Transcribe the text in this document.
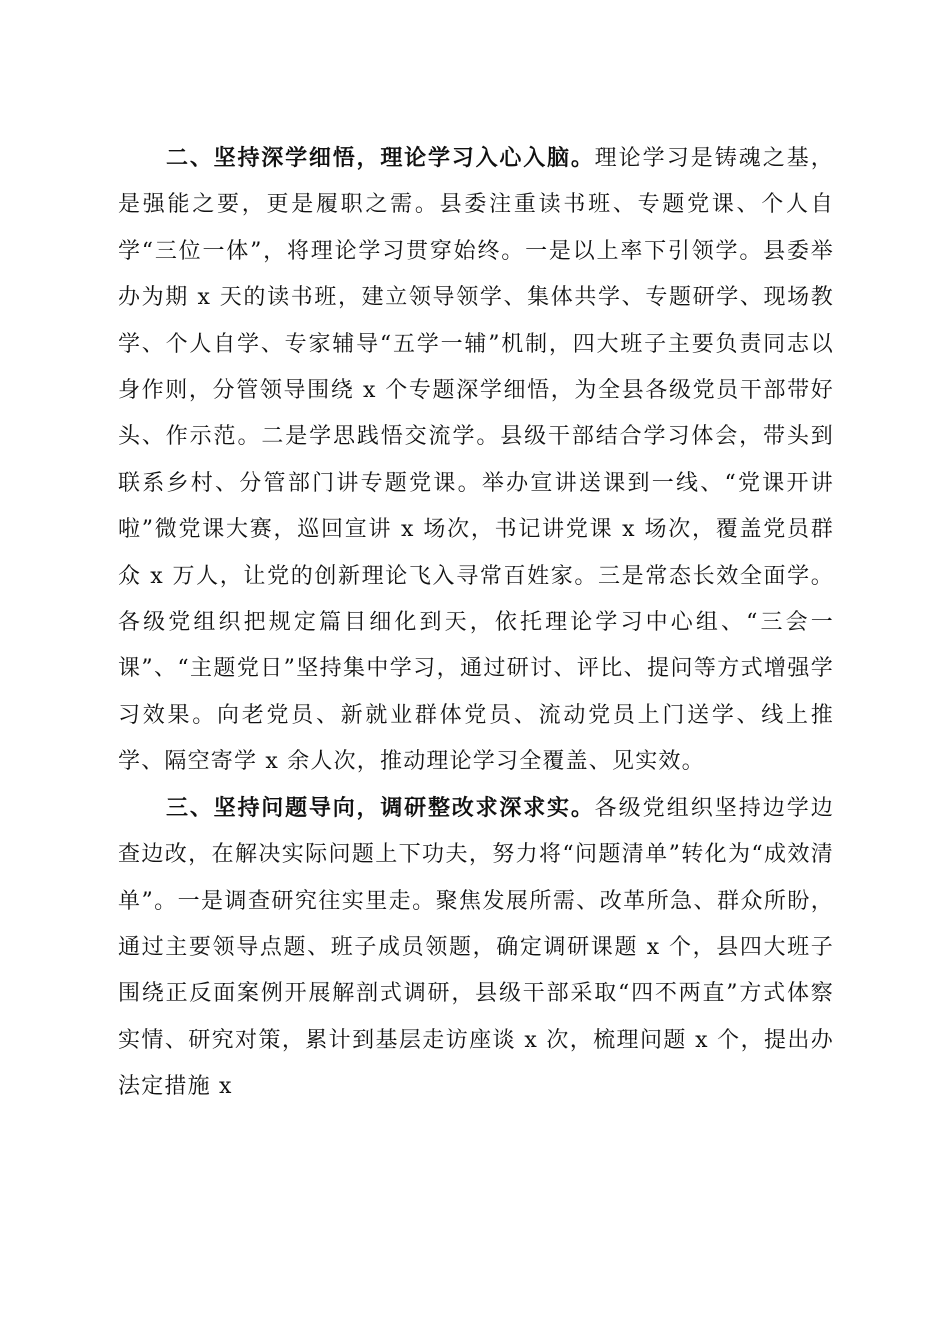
二、坚持深学细悟，理论学习入心入脑。理论学习是铸魂之基，是强能之要，更是履职之需。县委注重读书班、专题党课、个人自学“三位一体”，将理论学习贯穿始终。一是以上率下引领学。县委举办为期 x 天的读书班，建立领导领学、集体共学、专题研学、现场教学、个人自学、专家辅导“五学一辅”机制，四大班子主要负责同志以身作则，分管领导围绕 x 个专题深学细悟，为全县各级党员干部带好头、作示范。二是学思践悟交流学。县级干部结合学习体会，带头到联系乡村、分管部门讲专题党课。举办宣讲送课到一线、“党课开讲啦”微党课大赛，巡回宣讲 x 场次，书记讲党课 x 场次，覆盖党员群众 x 万人，让党的创新理论飞入寻常百姓家。三是常态长效全面学。各级党组织把规定篇目细化到天，依托理论学习中心组、“三会一课”、“主题党日”坚持集中学习，通过研讨、评比、提问等方式增强学习效果。向老党员、新就业群体党员、流动党员上门送学、线上推学、隔空寄学 x 余人次，推动理论学习全覆盖、见实效。

三、坚持问题导向，调研整改求深求实。各级党组织坚持边学边查边改，在解决实际问题上下功夫，努力将“问题清单”转化为“成效清单”。一是调查研究往实里走。聚焦发展所需、改革所急、群众所盼，通过主要领导点题、班子成员领题，确定调研课题 x 个，县四大班子围绕正反面案例开展解剖式调研，县级干部采取“四不两直”方式体察实情、研究对策，累计到基层走访座谈 x 次，梳理问题 x 个，提出办法定措施 x
